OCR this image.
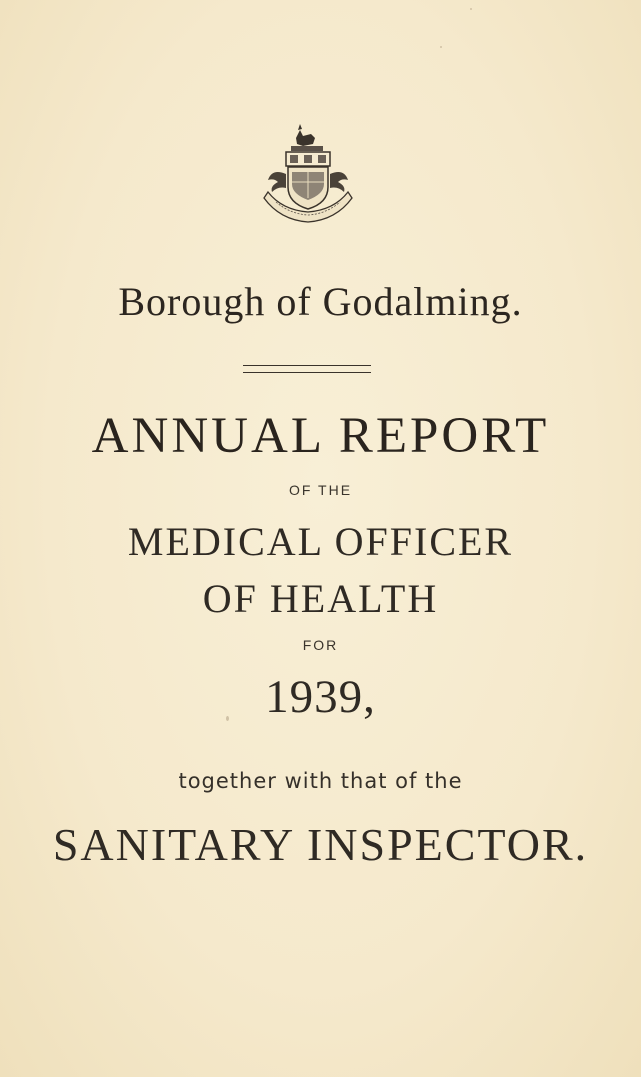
Borough of Godalming.
ANNUAL REPORT
OF THE
MEDICAL OFFICER
OF HEALTH
FOR
1939,
together with that of the
SANITARY INSPECTOR.
